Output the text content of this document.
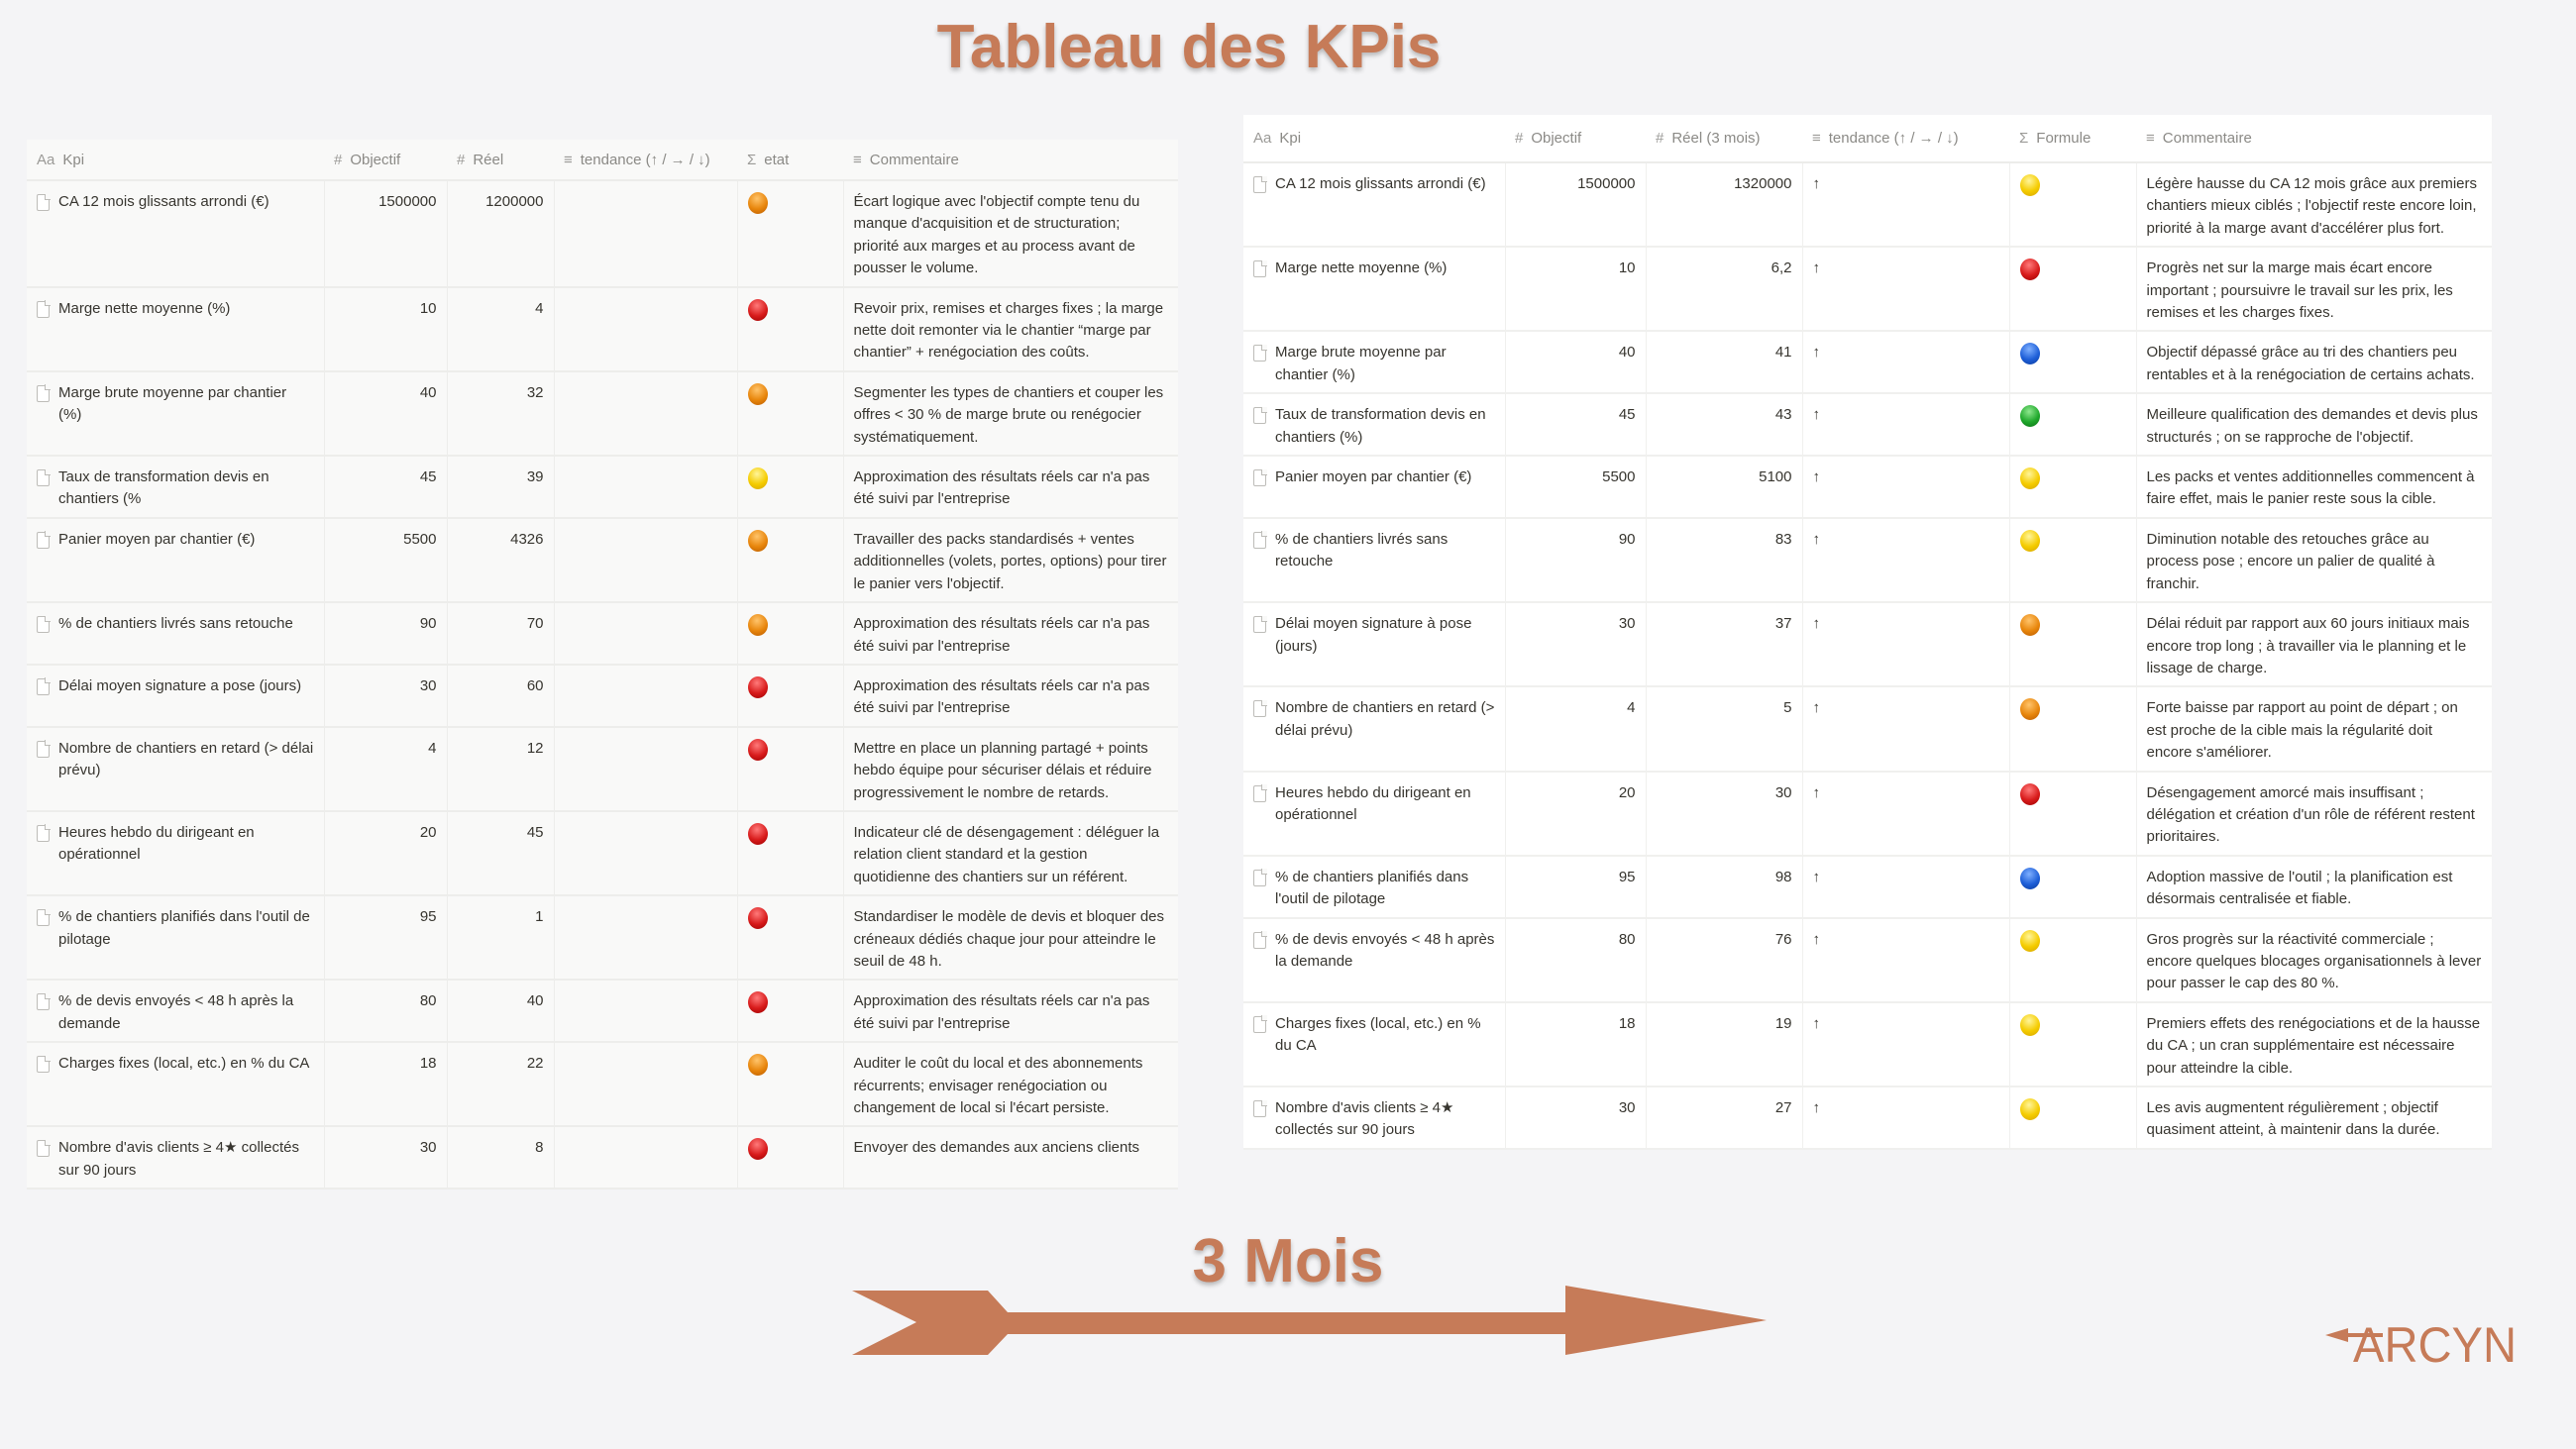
Tableau des KPis
Aa Kpi	# Objectif	# Réel	≡ tendance (↑ / → / ↓)	Σ etat	≡ Commentaire

CA 12 mois glissants arrondi (€)	1500000	1200000			Écart logique avec l'objectif compte tenu du manque d'acquisition et de structuration; priorité aux marges et au process avant de pousser le volume.

Marge nette moyenne (%)	10	4			Revoir prix, remises et charges fixes ; la marge nette doit remonter via le chantier “marge par chantier” + renégociation des coûts.

Marge brute moyenne par chantier (%)	40	32			Segmenter les types de chantiers et couper les offres < 30 % de marge brute ou renégocier systématiquement.

Taux de transformation devis en chantiers (%	45	39			Approximation des résultats réels car n'a pas été suivi par l'entreprise

Panier moyen par chantier (€)	5500	4326			Travailler des packs standardisés + ventes additionnelles (volets, portes, options) pour tirer le panier vers l'objectif.

% de chantiers livrés sans retouche	90	70			Approximation des résultats réels car n'a pas été suivi par l'entreprise

Délai moyen signature a pose (jours)	30	60			Approximation des résultats réels car n'a pas été suivi par l'entreprise

Nombre de chantiers en retard (> délai prévu)	4	12			Mettre en place un planning partagé + points hebdo équipe pour sécuriser délais et réduire progressivement le nombre de retards.

Heures hebdo du dirigeant en opérationnel	20	45			Indicateur clé de désengagement : déléguer la relation client standard et la gestion quotidienne des chantiers sur un référent.

% de chantiers planifiés dans l'outil de pilotage	95	1			Standardiser le modèle de devis et bloquer des créneaux dédiés chaque jour pour atteindre le seuil de 48 h.

% de devis envoyés < 48 h après la demande	80	40			Approximation des résultats réels car n'a pas été suivi par l'entreprise

Charges fixes (local, etc.) en % du CA	18	22			Auditer le coût du local et des abonnements récurrents; envisager renégociation ou changement de local si l'écart persiste.

Nombre d'avis clients ≥ 4★ collectés sur 90 jours	30	8			Envoyer des demandes aux anciens clients
Aa Kpi	# Objectif	# Réel (3 mois)	≡ tendance (↑ / → / ↓)	Σ Formule	≡ Commentaire

CA 12 mois glissants arrondi (€)	1500000	1320000	↑		Légère hausse du CA 12 mois grâce aux premiers chantiers mieux ciblés ; l'objectif reste encore loin, priorité à la marge avant d'accélérer plus fort.

Marge nette moyenne (%)	10	6,2	↑		Progrès net sur la marge mais écart encore important ; poursuivre le travail sur les prix, les remises et les charges fixes.

Marge brute moyenne par chantier (%)	40	41	↑		Objectif dépassé grâce au tri des chantiers peu rentables et à la renégociation de certains achats.

Taux de transformation devis en chantiers (%)	45	43	↑		Meilleure qualification des demandes et devis plus structurés ; on se rapproche de l'objectif.

Panier moyen par chantier (€)	5500	5100	↑		Les packs et ventes additionnelles commencent à faire effet, mais le panier reste sous la cible.

% de chantiers livrés sans retouche	90	83	↑		Diminution notable des retouches grâce au process pose ; encore un palier de qualité à franchir.

Délai moyen signature à pose (jours)	30	37	↑		Délai réduit par rapport aux 60 jours initiaux mais encore trop long ; à travailler via le planning et le lissage de charge.

Nombre de chantiers en retard (> délai prévu)	4	5	↑		Forte baisse par rapport au point de départ ; on est proche de la cible mais la régularité doit encore s'améliorer.

Heures hebdo du dirigeant en opérationnel	20	30	↑		Désengagement amorcé mais insuffisant ; délégation et création d'un rôle de référent restent prioritaires.

% de chantiers planifiés dans l'outil de pilotage	95	98	↑		Adoption massive de l'outil ; la planification est désormais centralisée et fiable.

% de devis envoyés < 48 h après la demande	80	76	↑		Gros progrès sur la réactivité commerciale ; encore quelques blocages organisationnels à lever pour passer le cap des 80 %.

Charges fixes (local, etc.) en % du CA	18	19	↑		Premiers effets des renégociations et de la hausse du CA ; un cran supplémentaire est nécessaire pour atteindre la cible.

Nombre d'avis clients ≥ 4★ collectés sur 90 jours	30	27	↑		Les avis augmentent régulièrement ; objectif quasiment atteint, à maintenir dans la durée.
3 Mois
ARCYN
